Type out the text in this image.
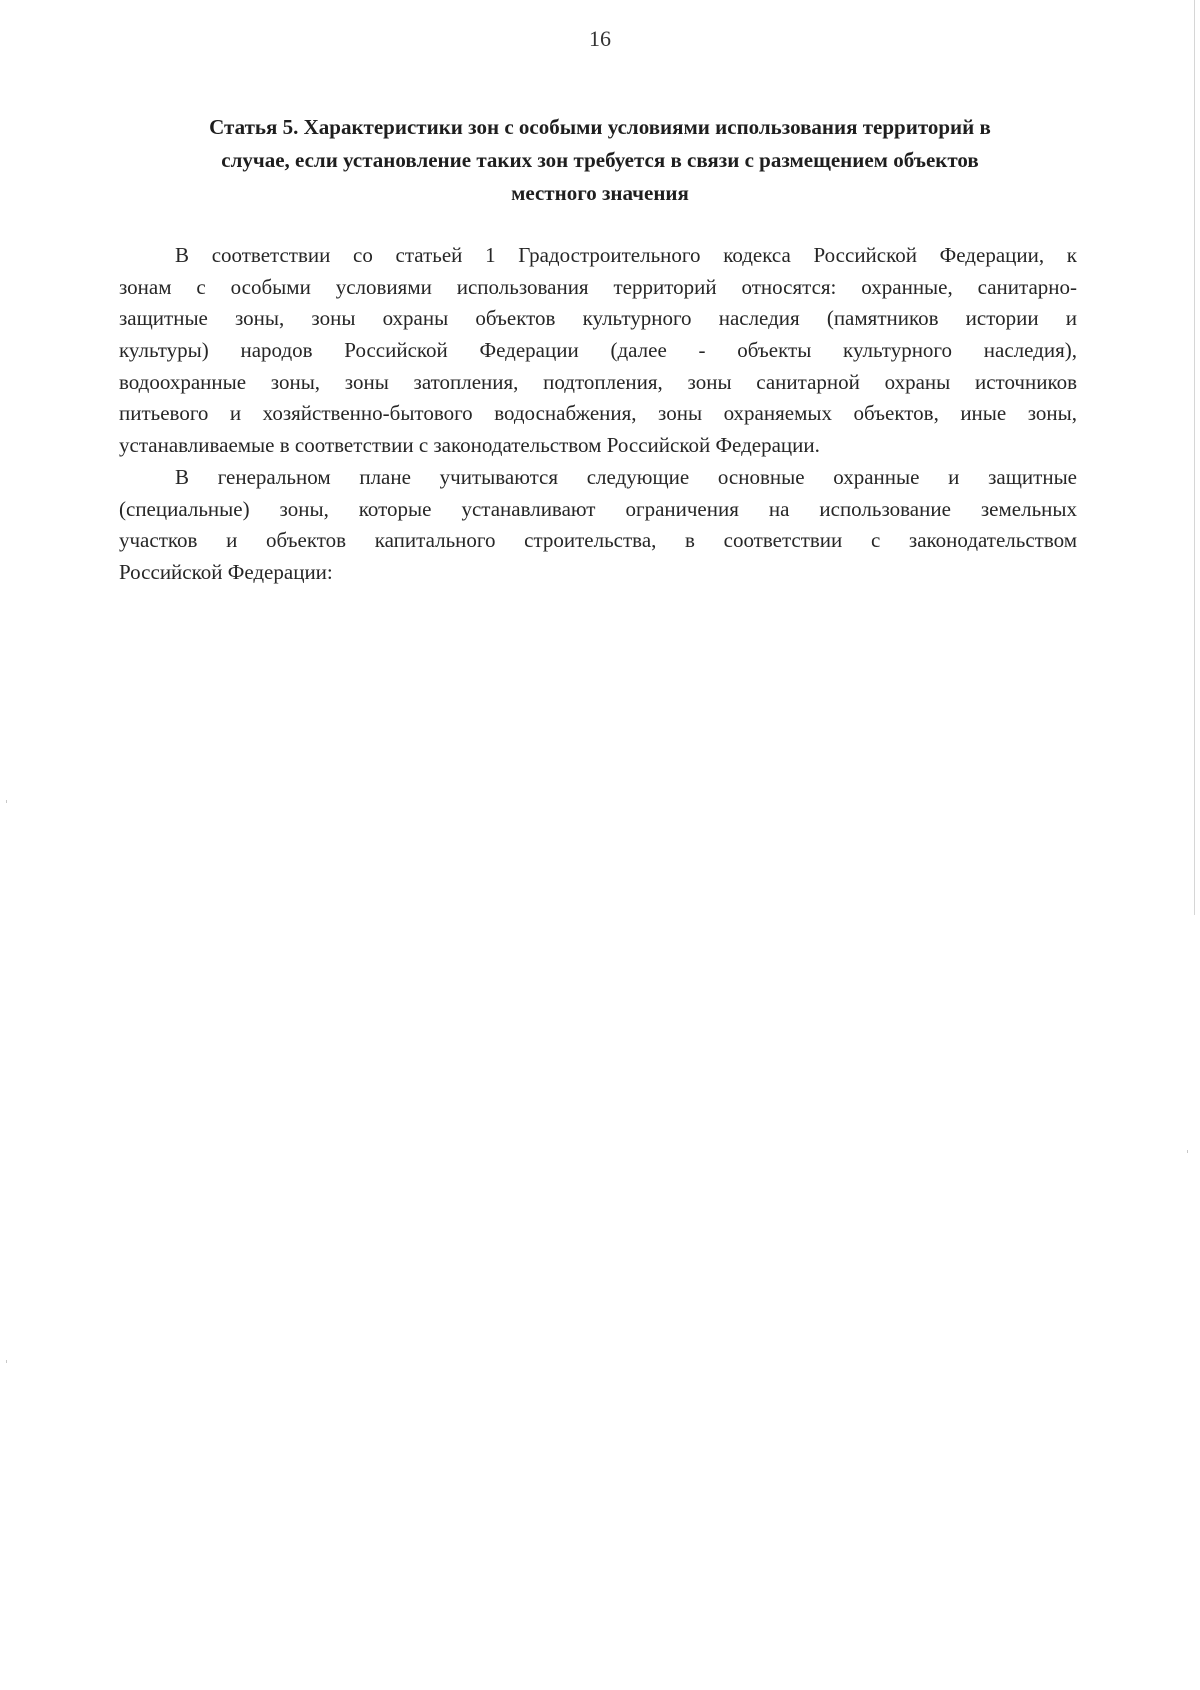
16
Статья 5. Характеристики зон с особыми условиями использования территорий в
случае, если установление таких зон требуется в связи с размещением объектов
местного значения
В соответствии со статьей 1 Градостроительного кодекса Российской Федерации, к
зонам с особыми условиями использования территорий относятся: охранные, санитарно-
защитные зоны, зоны охраны объектов культурного наследия (памятников истории и
культуры) народов Российской Федерации (далее - объекты культурного наследия),
водоохранные зоны, зоны затопления, подтопления, зоны санитарной охраны источников
питьевого и хозяйственно-бытового водоснабжения, зоны охраняемых объектов, иные зоны,
устанавливаемые в соответствии с законодательством Российской Федерации.
В генеральном плане учитываются следующие основные охранные и защитные
(специальные) зоны, которые устанавливают ограничения на использование земельных
участков и объектов капитального строительства, в соответствии с законодательством
Российской Федерации:
